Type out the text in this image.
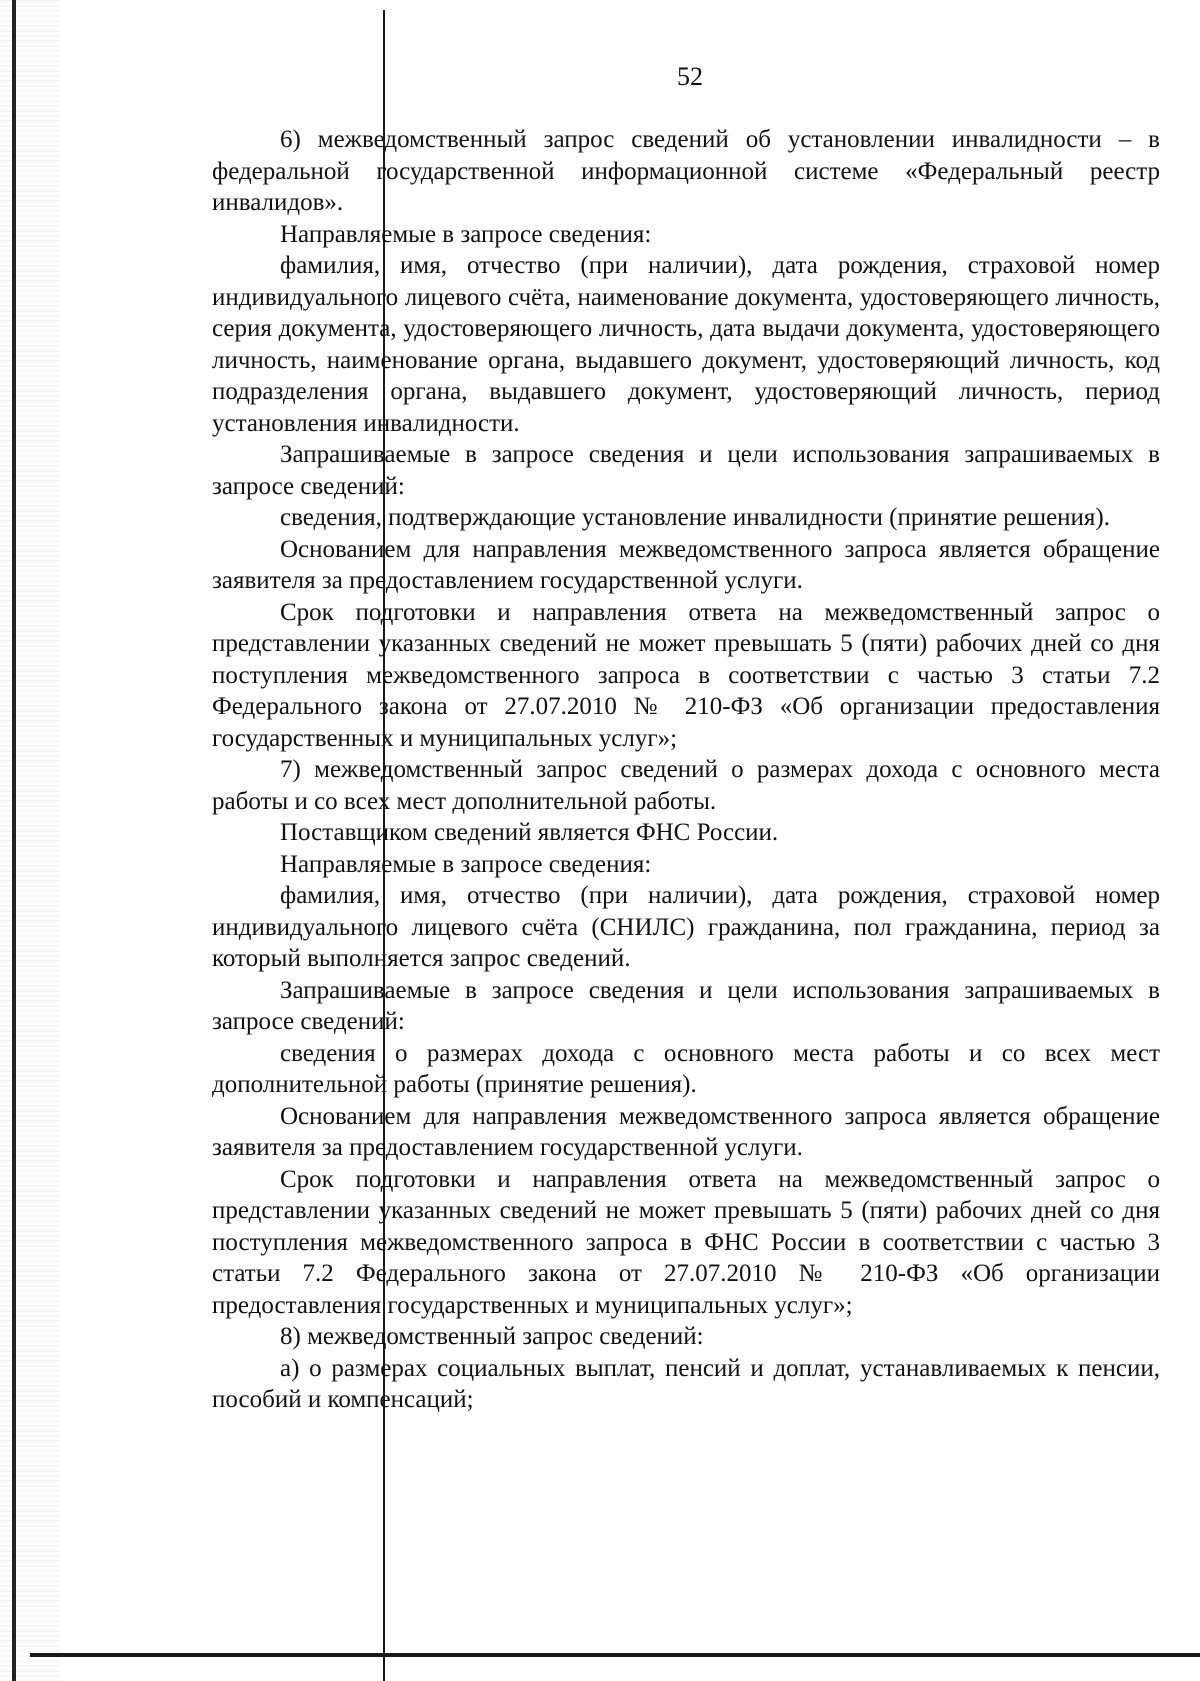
52

6) межведомственный запрос сведений об установлении инвалидности – в федеральной государственной информационной системе «Федеральный реестр инвалидов».

Направляемые в запросе сведения:

фамилия, имя, отчество (при наличии), дата рождения, страховой номер индивидуального лицевого счёта, наименование документа, удостоверяющего личность, серия документа, удостоверяющего личность, дата выдачи документа, удостоверяющего личность, наименование органа, выдавшего документ, удостоверяющий личность, код подразделения органа, выдавшего документ, удостоверяющий личность, период установления инвалидности.

Запрашиваемые в запросе сведения и цели использования запрашиваемых в запросе сведений:

сведения, подтверждающие установление инвалидности (принятие решения).

Основанием для направления межведомственного запроса является обращение заявителя за предоставлением государственной услуги.

Срок подготовки и направления ответа на межведомственный запрос о представлении указанных сведений не может превышать 5 (пяти) рабочих дней со дня поступления межведомственного запроса в соответствии с частью 3 статьи 7.2 Федерального закона от 27.07.2010 № 210-ФЗ «Об организации предоставления государственных и муниципальных услуг»;

7) межведомственный запрос сведений о размерах дохода с основного места работы и со всех мест дополнительной работы.

Поставщиком сведений является ФНС России.

Направляемые в запросе сведения:

фамилия, имя, отчество (при наличии), дата рождения, страховой номер индивидуального лицевого счёта (СНИЛС) гражданина, пол гражданина, период за который выполняется запрос сведений.

Запрашиваемые в запросе сведения и цели использования запрашиваемых в запросе сведений:

сведения о размерах дохода с основного места работы и со всех мест дополнительной работы (принятие решения).

Основанием для направления межведомственного запроса является обращение заявителя за предоставлением государственной услуги.

Срок подготовки и направления ответа на межведомственный запрос о представлении указанных сведений не может превышать 5 (пяти) рабочих дней со дня поступления межведомственного запроса в ФНС России в соответствии с частью 3 статьи 7.2 Федерального закона от 27.07.2010 № 210-ФЗ «Об организации предоставления государственных и муниципальных услуг»;

8) межведомственный запрос сведений:

а) о размерах социальных выплат, пенсий и доплат, устанавливаемых к пенсии, пособий и компенсаций;
